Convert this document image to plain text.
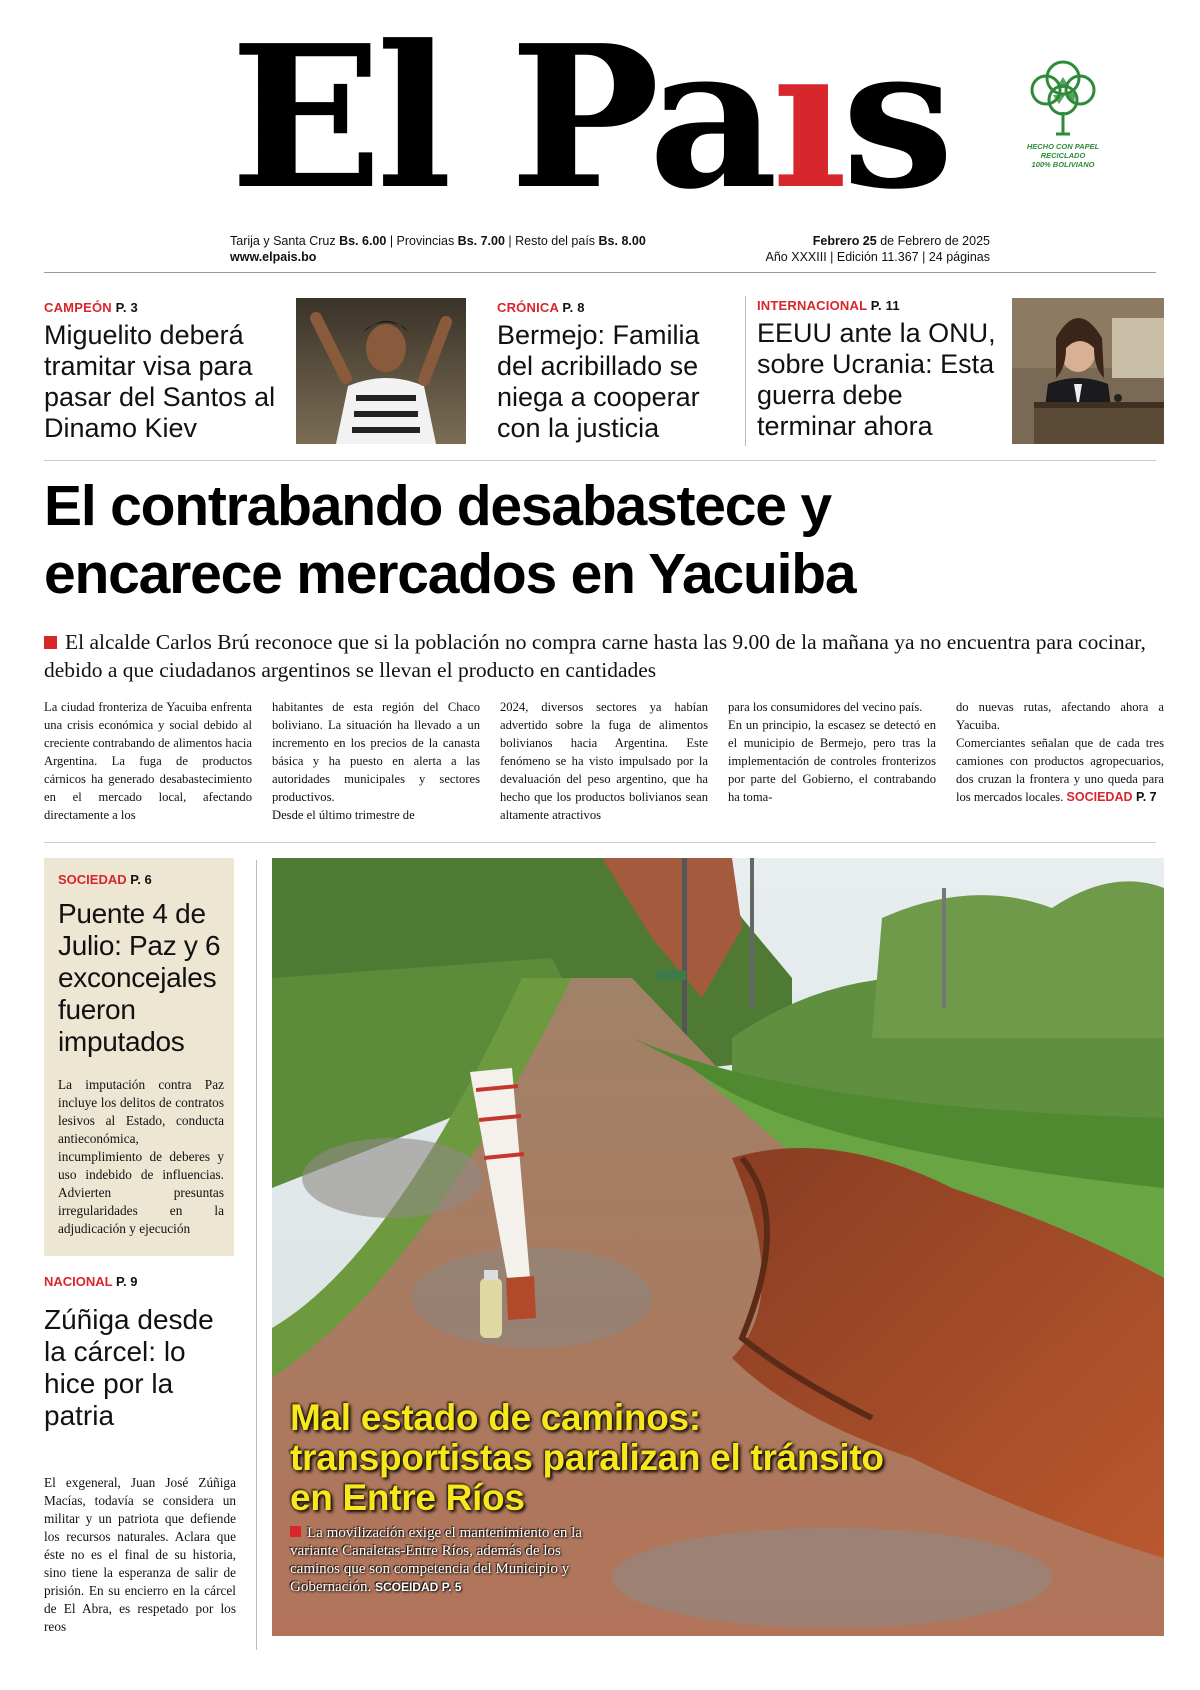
El Paıs
Tarija y Santa Cruz Bs. 6.00 | Provincias Bs. 7.00 | Resto del país Bs. 8.00
www.elpais.bo
Febrero 25 de Febrero de 2025
Año XXXIII | Edición 11.367 | 24 páginas
HECHO CON PAPEL
RECICLADO
100% BOLIVIANO
CAMPEÓN P. 3
Miguelito deberá tramitar visa para pasar del Santos al Dinamo Kiev
CRÓNICA P. 8
Bermejo: Familia del acribillado se niega a cooperar con la justicia
INTERNACIONAL P. 11
EEUU ante la ONU, sobre Ucrania: Esta guerra debe terminar ahora
El contrabando desabastece y
encarece mercados en Yacuiba
El alcalde Carlos Brú reconoce que si la población no compra carne hasta las 9.00 de la mañana ya no encuentra para cocinar, debido a que ciudadanos argentinos se llevan el producto en cantidades
La ciudad fronteriza de Yacuiba enfrenta una crisis económica y social debido al creciente contrabando de alimentos hacia Argentina. La fuga de productos cárnicos ha generado desabastecimiento en el mercado local, afectando directamente a los
habitantes de esta región del Chaco boliviano. La situación ha llevado a un incremento en los precios de la canasta básica y ha puesto en alerta a las autoridades municipales y sectores productivos.
Desde el último trimestre de
2024, diversos sectores ya habían advertido sobre la fuga de alimentos bolivianos hacia Argentina. Este fenómeno se ha visto impulsado por la devaluación del peso argentino, que ha hecho que los productos bolivianos sean altamente atractivos
para los consumidores del vecino país.
En un principio, la escasez se detectó en el municipio de Bermejo, pero tras la implementación de controles fronterizos por parte del Gobierno, el contrabando ha toma-
do nuevas rutas, afectando ahora a Yacuiba.
Comerciantes señalan que de cada tres camiones con productos agropecuarios, dos cruzan la frontera y uno queda para los mercados locales. SOCIEDAD P. 7
SOCIEDAD P. 6
Puente 4 de Julio: Paz y 6 exconcejales fueron imputados
La imputación contra Paz incluye los delitos de contratos lesivos al Estado, conducta antieconómica, incumplimiento de deberes y uso indebido de influencias. Advierten presuntas irregularidades en la adjudicación y ejecución
NACIONAL P. 9
Zúñiga desde la cárcel: lo hice por la patria
El exgeneral, Juan José Zúñiga Macías, todavía se considera un militar y un patriota que defiende los recursos naturales. Aclara que éste no es el final de su historia, sino tiene la esperanza de salir de prisión. En su encierro en la cárcel de El Abra, es respetado por los reos
Mal estado de caminos: transportistas paralizan el tránsito en Entre Ríos
La movilización exige el mantenimiento en la variante Canaletas-Entre Ríos, además de los caminos que son competencia del Municipio y Gobernación. SCOEIDAD P. 5
